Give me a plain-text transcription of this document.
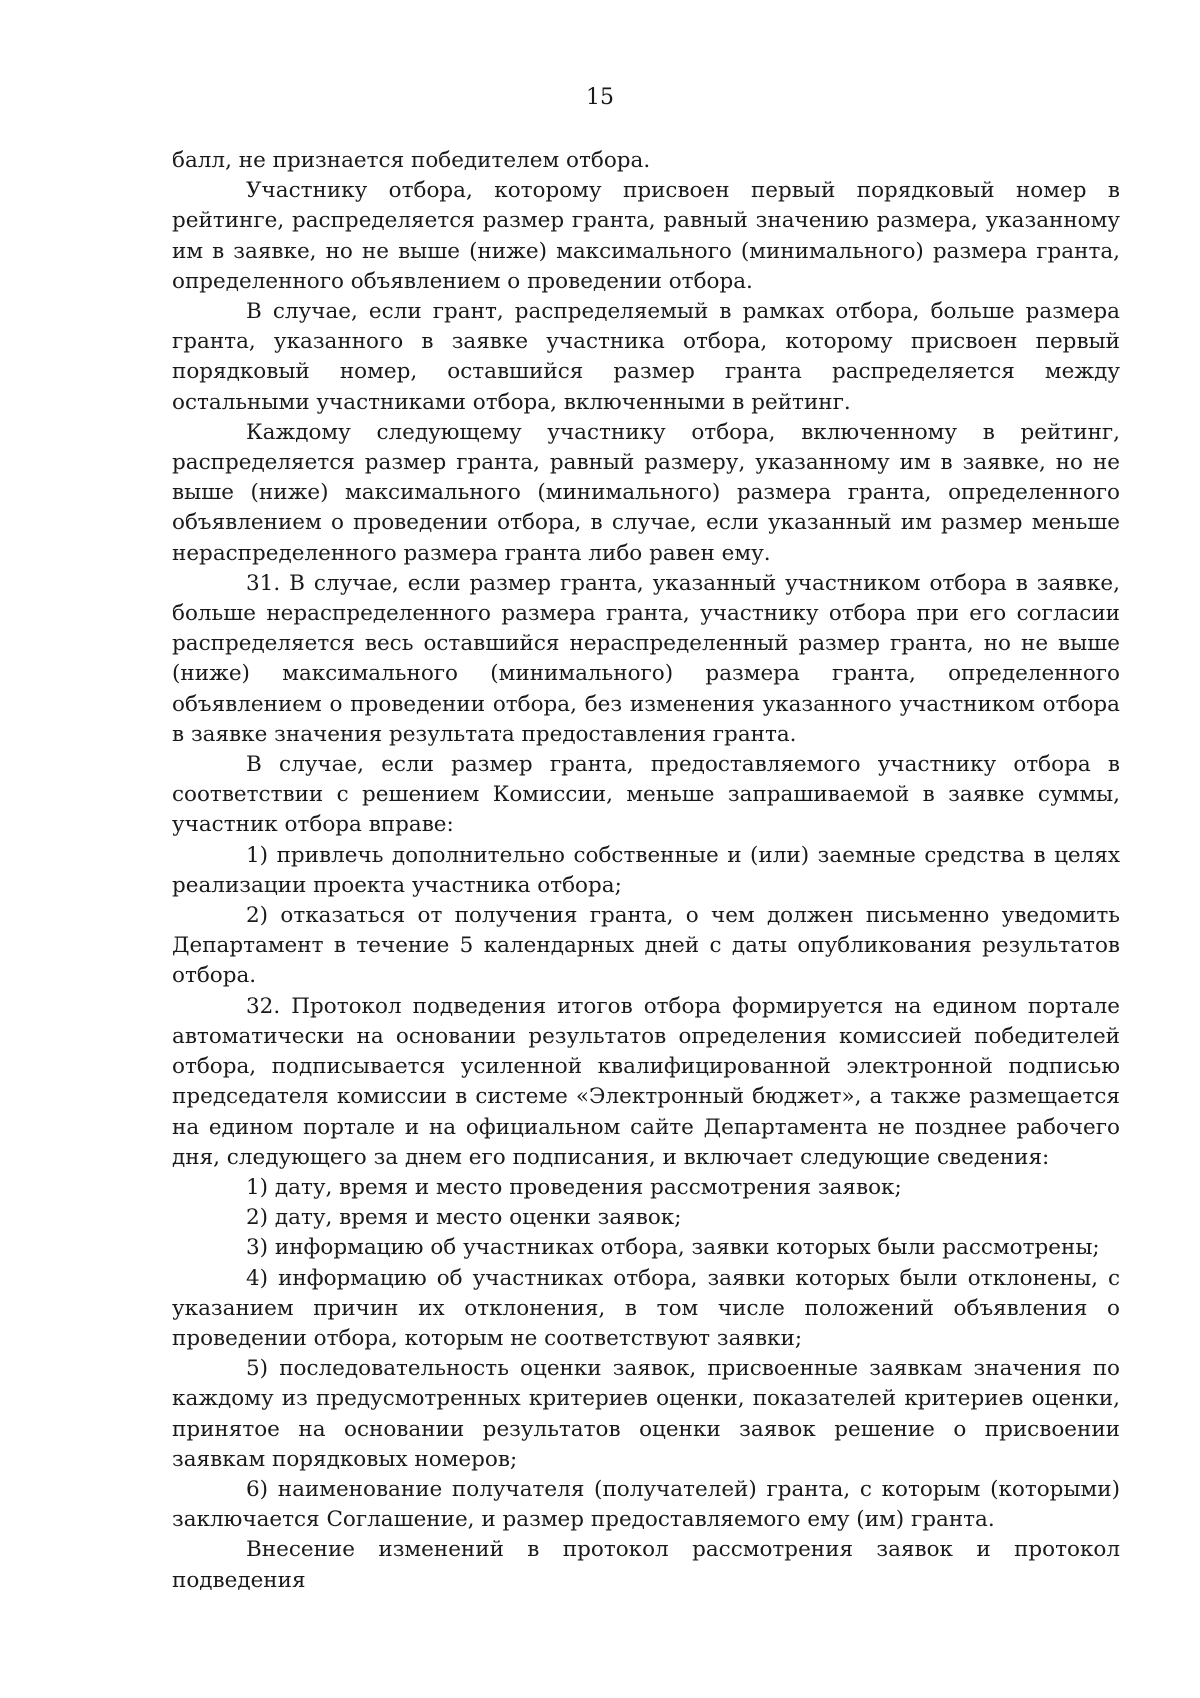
15

балл, не признается победителем отбора.

Участнику отбора, которому присвоен первый порядковый номер в рейтинге, распределяется размер гранта, равный значению размера, указанному им в заявке, но не выше (ниже) максимального (минимального) размера гранта, определенного объявлением о проведении отбора.

В случае, если грант, распределяемый в рамках отбора, больше размера гранта, указанного в заявке участника отбора, которому присвоен первый порядковый номер, оставшийся размер гранта распределяется между остальными участниками отбора, включенными в рейтинг.

Каждому следующему участнику отбора, включенному в рейтинг, распределяется размер гранта, равный размеру, указанному им в заявке, но не выше (ниже) максимального (минимального) размера гранта, определенного объявлением о проведении отбора, в случае, если указанный им размер меньше нераспределенного размера гранта либо равен ему.

31. В случае, если размер гранта, указанный участником отбора в заявке, больше нераспределенного размера гранта, участнику отбора при его согласии распределяется весь оставшийся нераспределенный размер гранта, но не выше (ниже) максимального (минимального) размера гранта, определенного объявлением о проведении отбора, без изменения указанного участником отбора в заявке значения результата предоставления гранта.

В случае, если размер гранта, предоставляемого участнику отбора в соответствии с решением Комиссии, меньше запрашиваемой в заявке суммы, участник отбора вправе:

1) привлечь дополнительно собственные и (или) заемные средства в целях реализации проекта участника отбора;

2) отказаться от получения гранта, о чем должен письменно уведомить Департамент в течение 5 календарных дней с даты опубликования результатов отбора.

32. Протокол подведения итогов отбора формируется на едином портале автоматически на основании результатов определения комиссией победителей отбора, подписывается усиленной квалифицированной электронной подписью председателя комиссии в системе «Электронный бюджет», а также размещается на едином портале и на официальном сайте Департамента не позднее рабочего дня, следующего за днем его подписания, и включает следующие сведения:

1) дату, время и место проведения рассмотрения заявок;

2) дату, время и место оценки заявок;

3) информацию об участниках отбора, заявки которых были рассмотрены;

4) информацию об участниках отбора, заявки которых были отклонены, с указанием причин их отклонения, в том числе положений объявления о проведении отбора, которым не соответствуют заявки;

5) последовательность оценки заявок, присвоенные заявкам значения по каждому из предусмотренных критериев оценки, показателей критериев оценки, принятое на основании результатов оценки заявок решение о присвоении заявкам порядковых номеров;

6) наименование получателя (получателей) гранта, с которым (которыми) заключается Соглашение, и размер предоставляемого ему (им) гранта.

Внесение изменений в протокол рассмотрения заявок и протокол подведения
